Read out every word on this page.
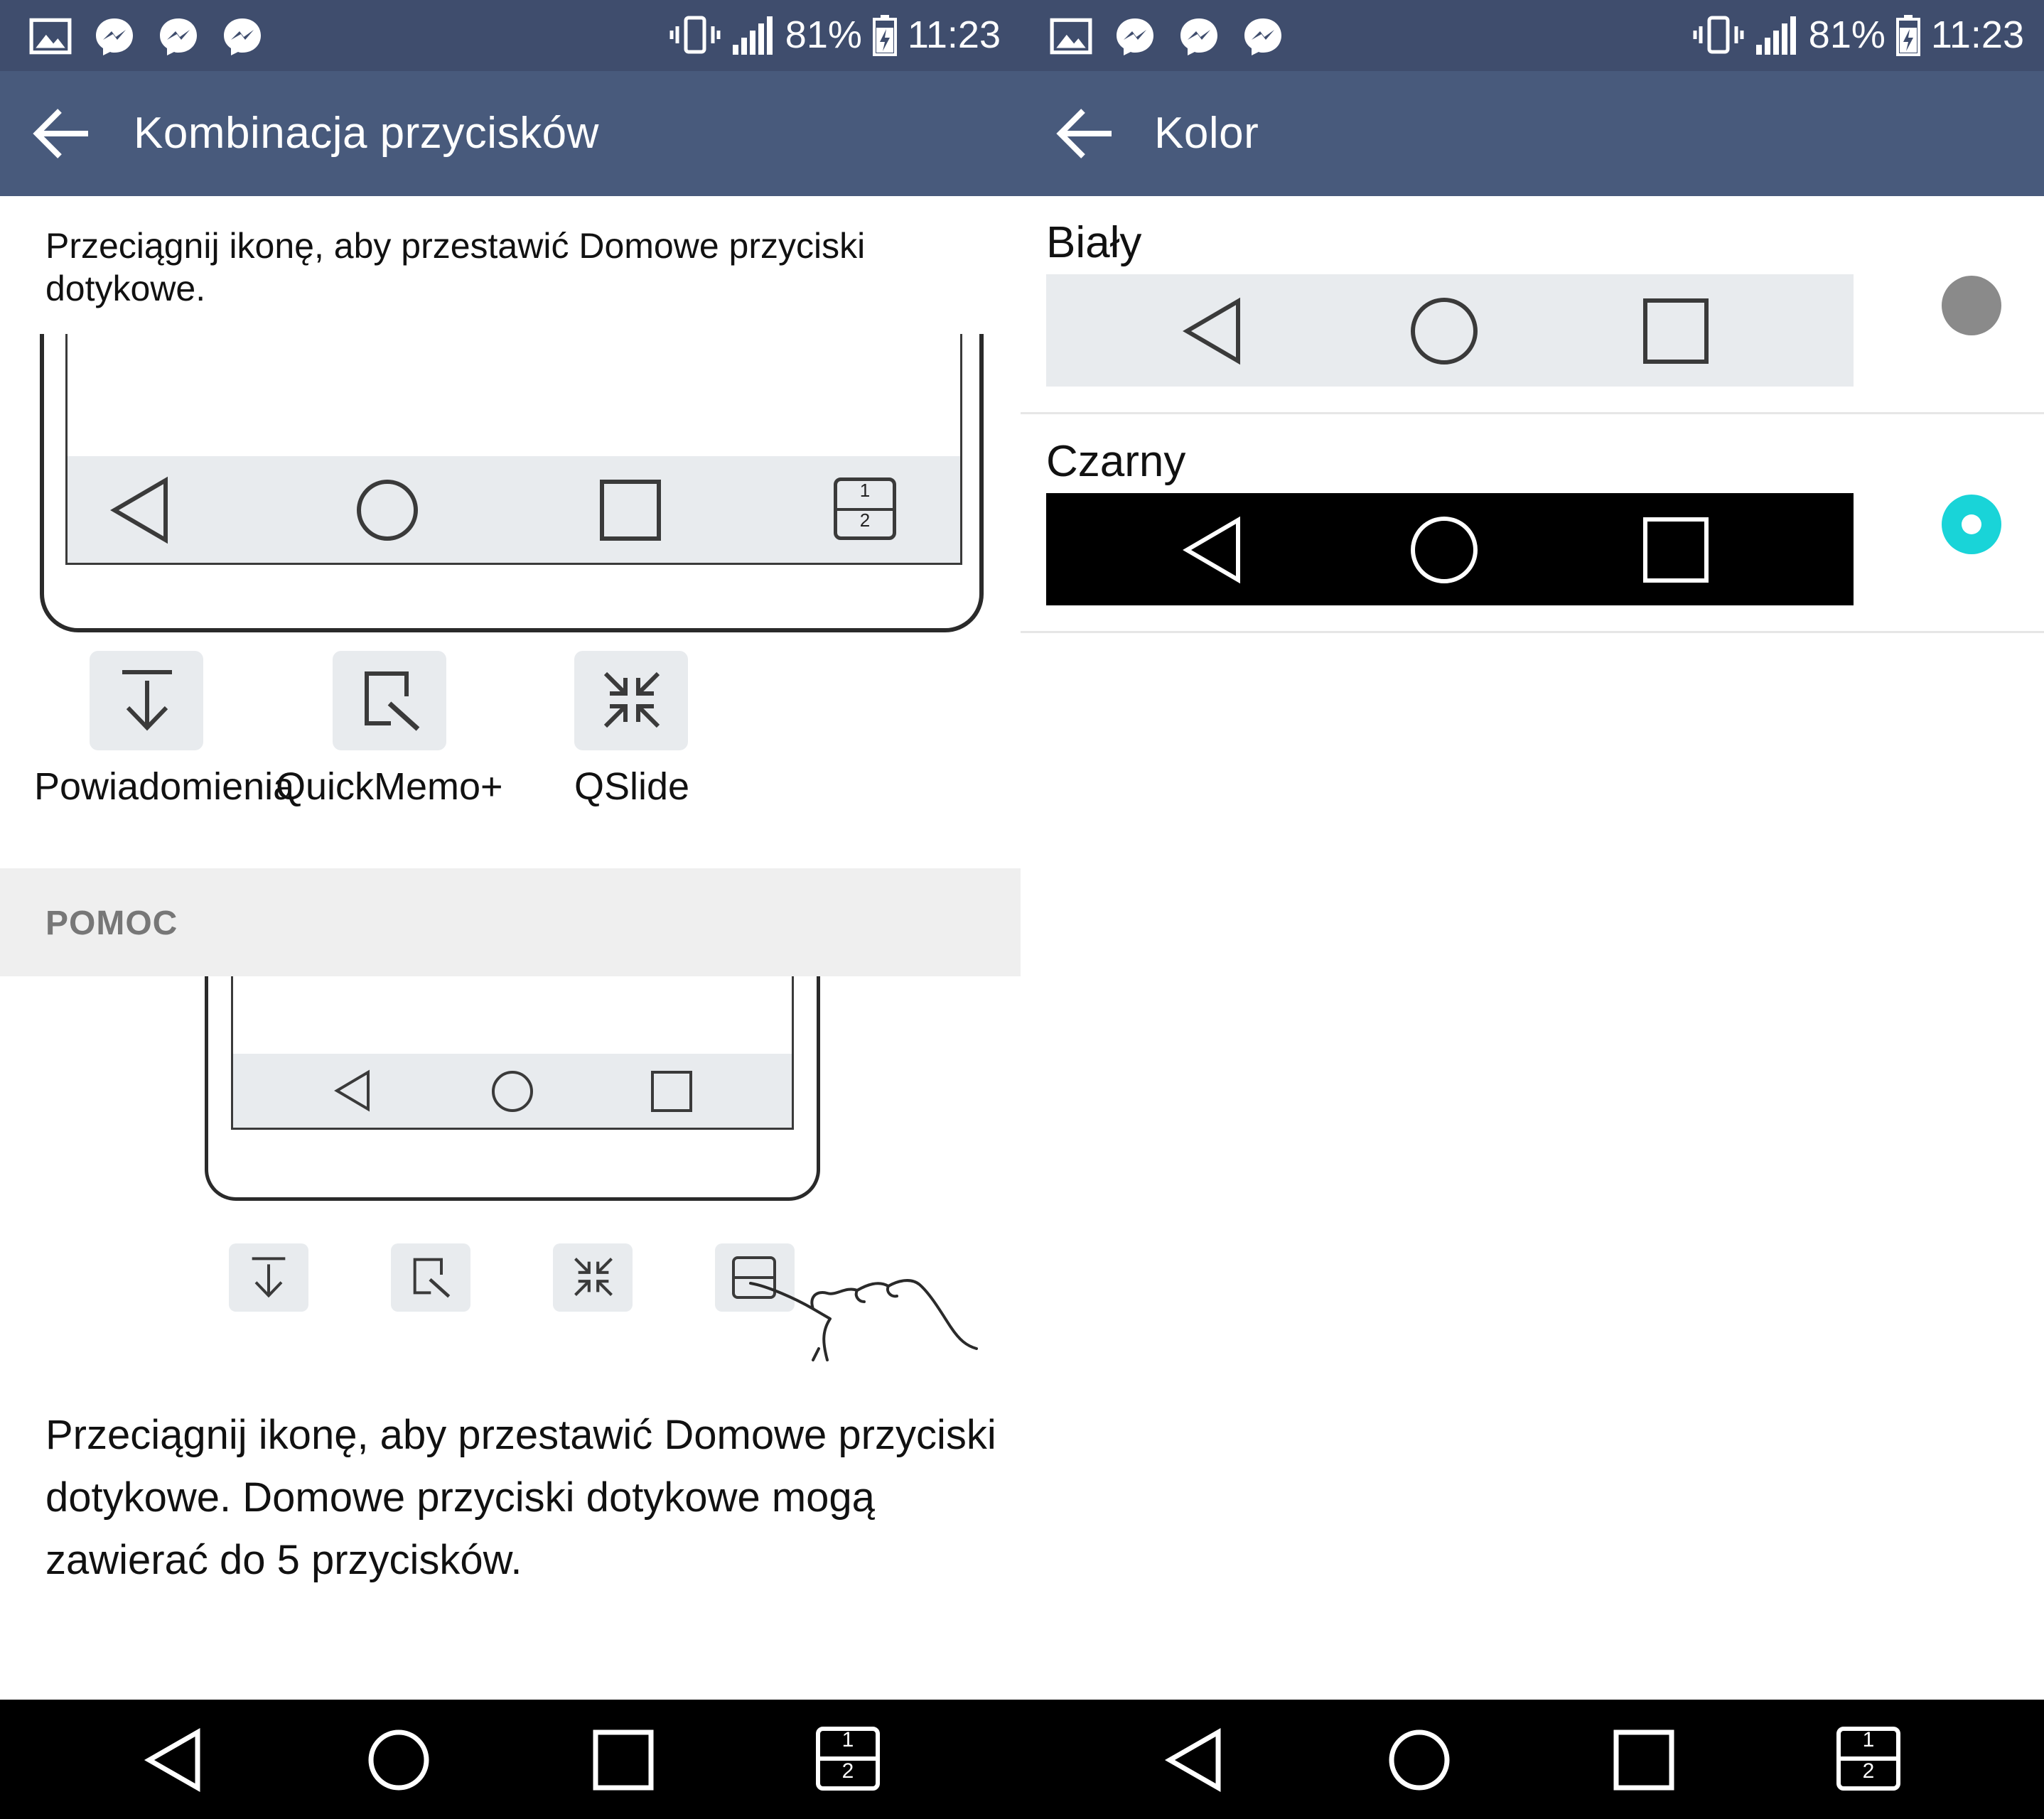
81% 11:23
Kombinacja przycisków
Przeciągnij ikonę, aby przestawić Domowe przyciski dotykowe.
1
2
Powiadomienia
QuickMemo+ QSlide
POMOC
Przeciągnij ikonę, aby przestawić Domowe przyciski dotykowe. Domowe przyciski dotykowe mogą zawierać do 5 przycisków.
1
2
81% 11:23
Kolor
Biały
Czarny
1
2
